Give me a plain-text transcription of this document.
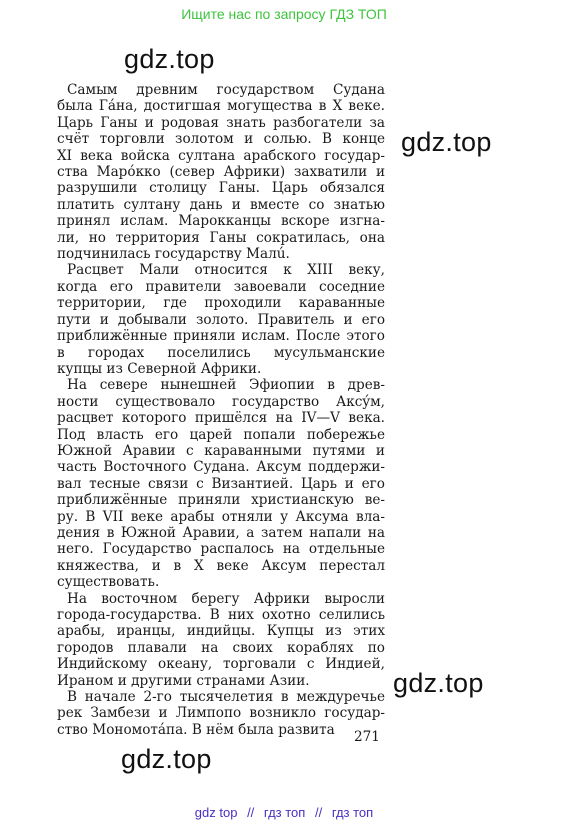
Ищите нас по запросу ГДЗ ТОП
gdz.top
gdz.top
gdz.top
gdz.top
Самым древним государством Судана
была Гáна, достигшая могущества в X веке.
Царь Ганы и родовая знать разбогатели за
счёт торговли золотом и солью. В конце
XI века войска султана арабского государ-
ства Марóкко (север Африки) захватили и
разрушили столицу Ганы. Царь обязался
платить султану дань и вместе со знатью
принял ислам. Марокканцы вскоре изгна-
ли, но территория Ганы сократилась, она
подчинилась государству Малú.
Расцвет Мали относится к XIII веку,
когда его правители завоевали соседние
территории, где проходили караванные
пути и добывали золото. Правитель и его
приближённые приняли ислам. После этого
в городах поселились мусульманские
купцы из Северной Африки.
На севере нынешней Эфиопии в древ-
ности существовало государство Аксýм,
расцвет которого пришёлся на IV—V века.
Под власть его царей попали побережье
Южной Аравии с караванными путями и
часть Восточного Судана. Аксум поддержи-
вал тесные связи с Византией. Царь и его
приближённые приняли христианскую ве-
ру. В VII веке арабы отняли у Аксума вла-
дения в Южной Аравии, а затем напали на
него. Государство распалось на отдельные
княжества, и в X веке Аксум перестал
существовать.
На восточном берегу Африки выросли
города-государства. В них охотно селились
арабы, иранцы, индийцы. Купцы из этих
городов плавали на своих кораблях по
Индийскому океану, торговали с Индией,
Ираном и другими странами Азии.
В начале 2-го тысячелетия в междуречье
рек Замбези и Лимпопо возникло государ-
ство Мономотáпа. В нём была развита	271
gdz top // гдз топ // гдз топ
